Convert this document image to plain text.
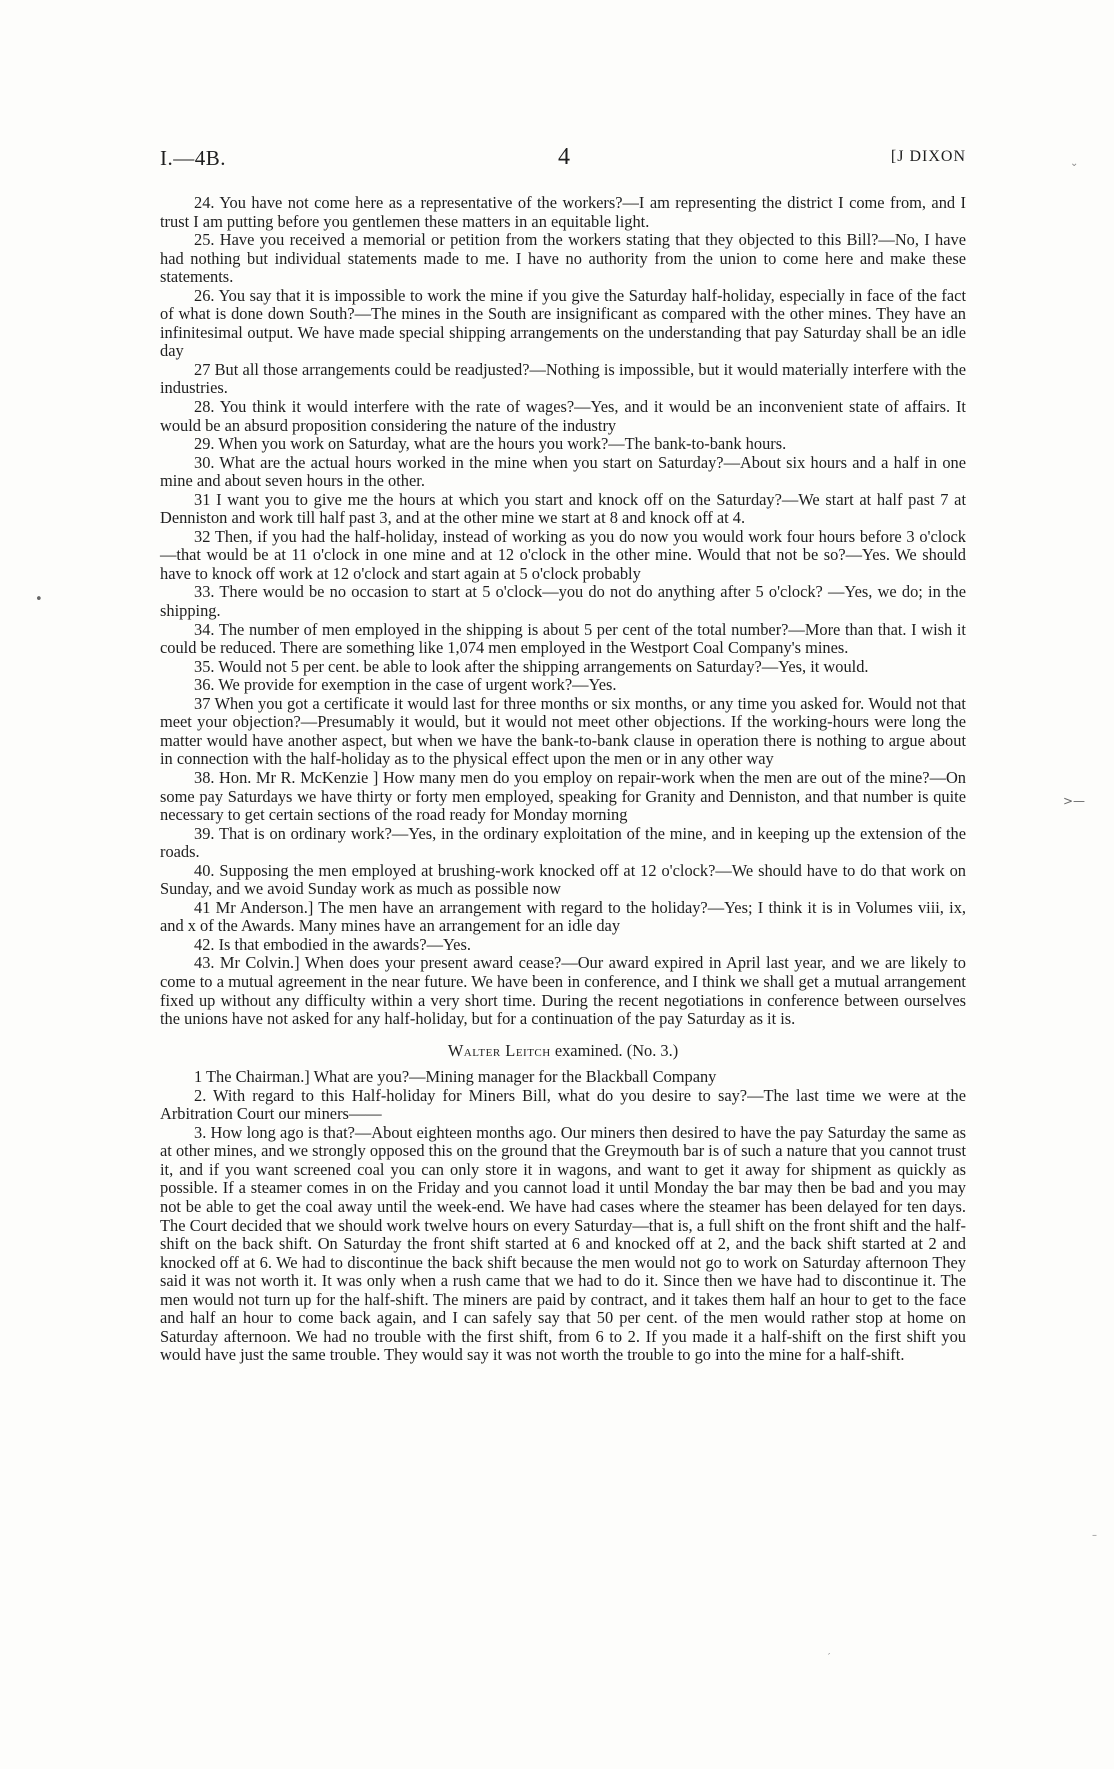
I.—4B.	4	[J DIXON

24. You have not come here as a representative of the workers?—I am representing the district I come from, and I trust I am putting before you gentlemen these matters in an equitable light.

25. Have you received a memorial or petition from the workers stating that they objected to this Bill?—No, I have had nothing but individual statements made to me. I have no authority from the union to come here and make these statements.

26. You say that it is impossible to work the mine if you give the Saturday half-holiday, especially in face of the fact of what is done down South?—The mines in the South are insignificant as compared with the other mines. They have an infinitesimal output. We have made special shipping arrangements on the understanding that pay Saturday shall be an idle day

27 But all those arrangements could be readjusted?—Nothing is impossible, but it would materially interfere with the industries.

28. You think it would interfere with the rate of wages?—Yes, and it would be an inconvenient state of affairs. It would be an absurd proposition considering the nature of the industry

29. When you work on Saturday, what are the hours you work?—The bank-to-bank hours.

30. What are the actual hours worked in the mine when you start on Saturday?—About six hours and a half in one mine and about seven hours in the other.

31 I want you to give me the hours at which you start and knock off on the Saturday?—We start at half past 7 at Denniston and work till half past 3, and at the other mine we start at 8 and knock off at 4.

32 Then, if you had the half-holiday, instead of working as you do now you would work four hours before 3 o'clock—that would be at 11 o'clock in one mine and at 12 o'clock in the other mine. Would that not be so?—Yes. We should have to knock off work at 12 o'clock and start again at 5 o'clock probably

33. There would be no occasion to start at 5 o'clock—you do not do anything after 5 o'clock? —Yes, we do; in the shipping.

34. The number of men employed in the shipping is about 5 per cent of the total number?—More than that. I wish it could be reduced. There are something like 1,074 men employed in the Westport Coal Company's mines.

35. Would not 5 per cent. be able to look after the shipping arrangements on Saturday?—Yes, it would.

36. We provide for exemption in the case of urgent work?—Yes.

37 When you got a certificate it would last for three months or six months, or any time you asked for. Would not that meet your objection?—Presumably it would, but it would not meet other objections. If the working-hours were long the matter would have another aspect, but when we have the bank-to-bank clause in operation there is nothing to argue about in connection with the half-holiday as to the physical effect upon the men or in any other way

38. Hon. Mr R. McKenzie ] How many men do you employ on repair-work when the men are out of the mine?—On some pay Saturdays we have thirty or forty men employed, speaking for Granity and Denniston, and that number is quite necessary to get certain sections of the road ready for Monday morning

39. That is on ordinary work?—Yes, in the ordinary exploitation of the mine, and in keeping up the extension of the roads.

40. Supposing the men employed at brushing-work knocked off at 12 o'clock?—We should have to do that work on Sunday, and we avoid Sunday work as much as possible now

41 Mr Anderson.] The men have an arrangement with regard to the holiday?—Yes; I think it is in Volumes viii, ix, and x of the Awards. Many mines have an arrangement for an idle day

42. Is that embodied in the awards?—Yes.

43. Mr Colvin.] When does your present award cease?—Our award expired in April last year, and we are likely to come to a mutual agreement in the near future. We have been in conference, and I think we shall get a mutual arrangement fixed up without any difficulty within a very short time. During the recent negotiations in conference between ourselves the unions have not asked for any half-holiday, but for a continuation of the pay Saturday as it is.

Walter Leitch examined. (No. 3.)

1 The Chairman.] What are you?—Mining manager for the Blackball Company

2. With regard to this Half-holiday for Miners Bill, what do you desire to say?—The last time we were at the Arbitration Court our miners——

3. How long ago is that?—About eighteen months ago. Our miners then desired to have the pay Saturday the same as at other mines, and we strongly opposed this on the ground that the Greymouth bar is of such a nature that you cannot trust it, and if you want screened coal you can only store it in wagons, and want to get it away for shipment as quickly as possible. If a steamer comes in on the Friday and you cannot load it until Monday the bar may then be bad and you may not be able to get the coal away until the week-end. We have had cases where the steamer has been delayed for ten days. The Court decided that we should work twelve hours on every Saturday—that is, a full shift on the front shift and the half-shift on the back shift. On Saturday the front shift started at 6 and knocked off at 2, and the back shift started at 2 and knocked off at 6. We had to discontinue the back shift because the men would not go to work on Saturday afternoon They said it was not worth it. It was only when a rush came that we had to do it. Since then we have had to discontinue it. The men would not turn up for the half-shift. The miners are paid by contract, and it takes them half an hour to get to the face and half an hour to come back again, and I can safely say that 50 per cent. of the men would rather stop at home on Saturday afternoon. We had no trouble with the first shift, from 6 to 2. If you made it a half-shift on the first shift you would have just the same trouble. They would say it was not worth the trouble to go into the mine for a half-shift.

•
>—
⌄
–
′
